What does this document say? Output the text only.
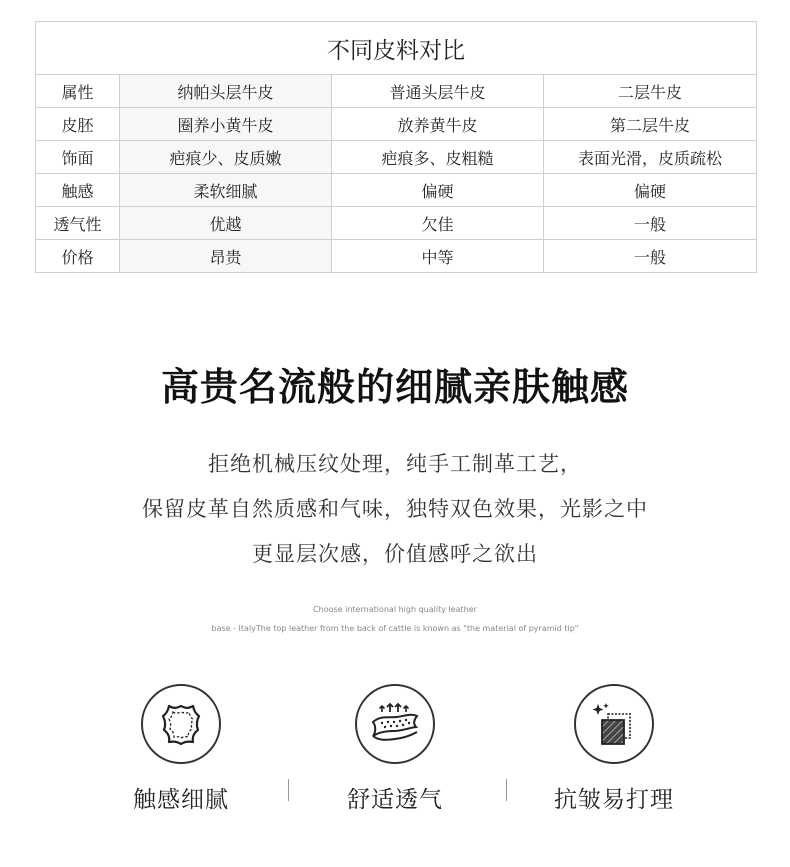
不同皮料对比			
属性	纳帕头层牛皮	普通头层牛皮	二层牛皮
皮胚	圈养小黄牛皮	放养黄牛皮	第二层牛皮
饰面	疤痕少、皮质嫩	疤痕多、皮粗糙	表面光滑，皮质疏松
触感	柔软细腻	偏硬	偏硬
透气性	优越	欠佳	一般
价格	昂贵	中等	一般
高贵名流般的细腻亲肤触感
拒绝机械压纹处理，纯手工制革工艺，
保留皮革自然质感和气味，独特双色效果，光影之中
更显层次感，价值感呼之欲出
Choose international high quality leather
base - ItalyThe top leather from the back of cattle is known as "the material of pyramid tip"
触感细腻	舒适透气	抗皱易打理
